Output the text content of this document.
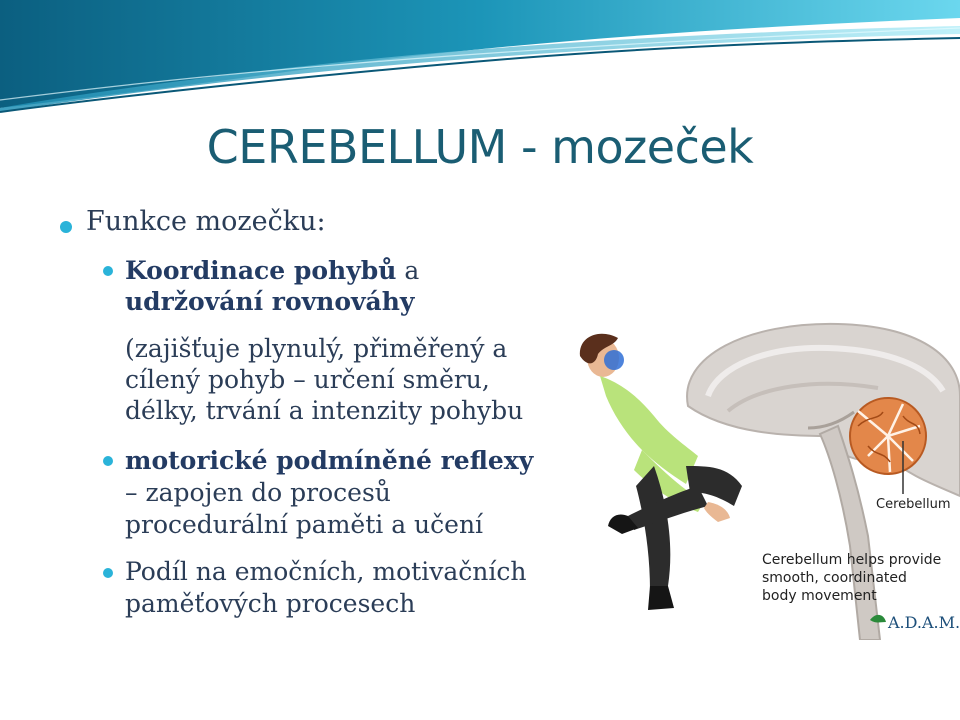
CEREBELLUM - mozeček
Funkce mozečku:
Koordinace pohybů a
udržování rovnováhy
(zajišťuje plynulý, přiměřený a
cílený pohyb – určení směru,
délky, trvání a intenzity pohybu
motorické podmíněné reflexy
– zapojen do procesů
procedurální paměti a učení
Podíl na emočních, motivačních
paměťových procesech
Cerebellum
Cerebellum helps provide
smooth, coordinated
body movement
A.D.A.M.
